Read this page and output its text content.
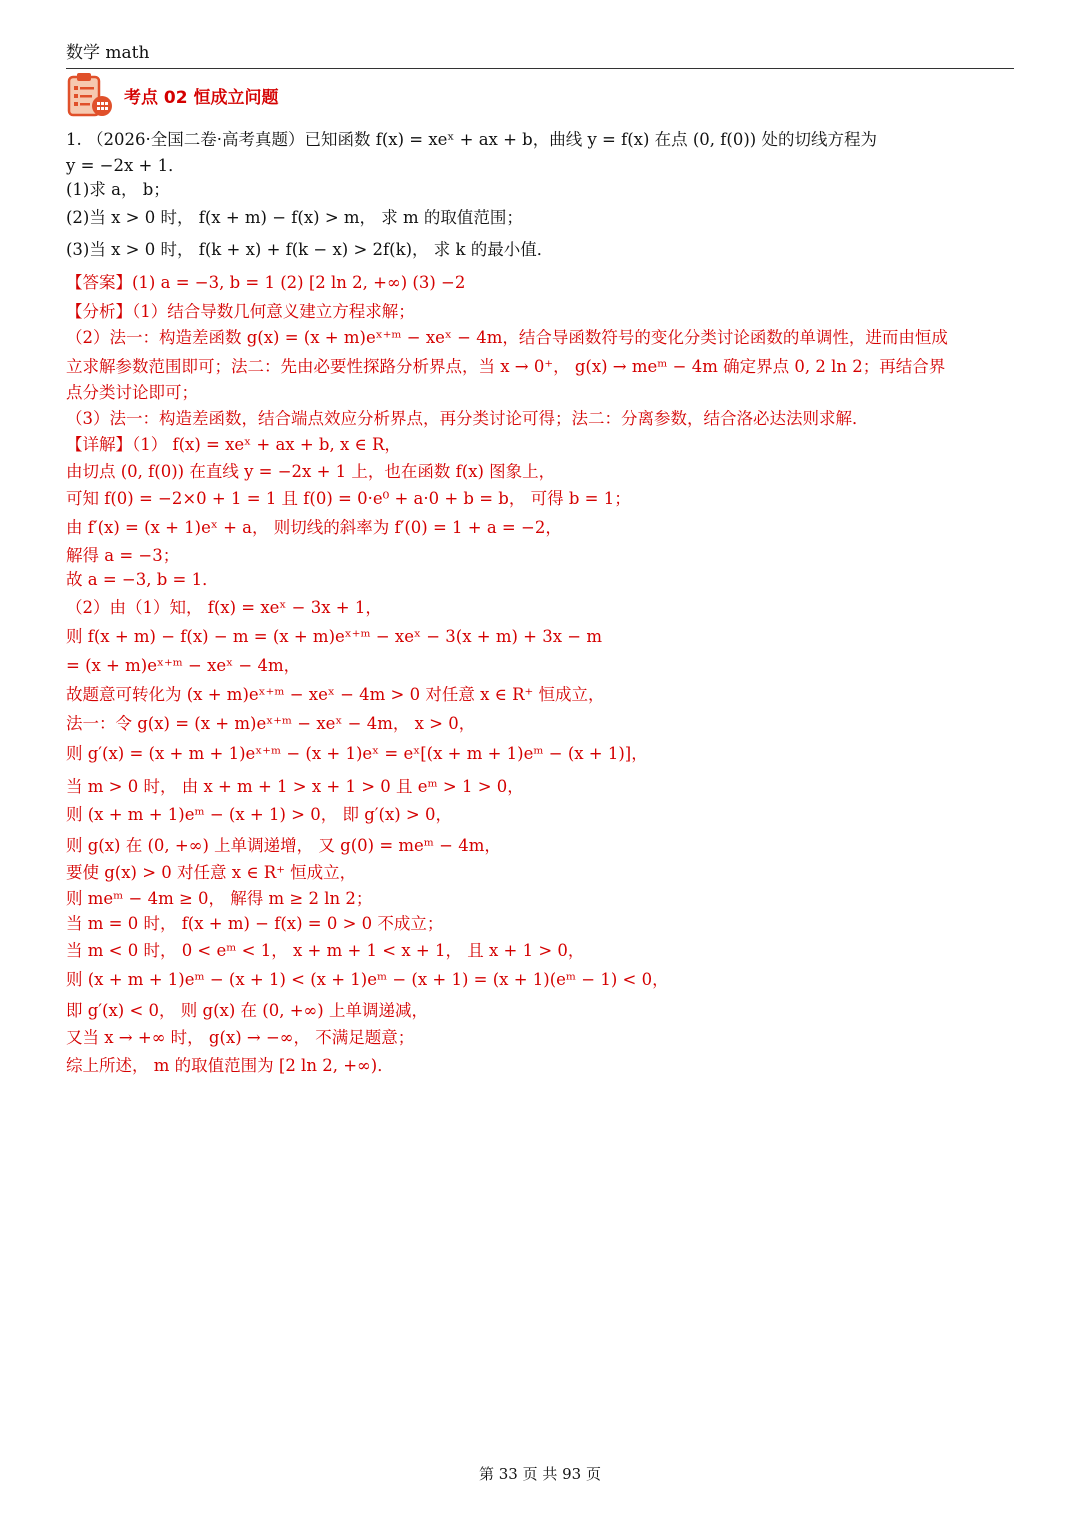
数学 math
考点 02 恒成立问题
1. （2026·全国二卷·高考真题）已知函数 f(x) = xeˣ + ax + b，曲线 y = f(x) 在点 (0, f(0)) 处的切线方程为
y = −2x + 1．
(1)求 a， b；
(2)当 x > 0 时， f(x + m) − f(x) > m， 求 m 的取值范围；
(3)当 x > 0 时， f(k + x) + f(k − x) > 2f(k)， 求 k 的最小值．
【答案】(1) a = −3, b = 1 (2) [2 ln 2, +∞) (3) −2
【分析】（1）结合导数几何意义建立方程求解；
（2）法一：构造差函数 g(x) = (x + m)eˣ⁺ᵐ − xeˣ − 4m，结合导函数符号的变化分类讨论函数的单调性，进而由恒成
立求解参数范围即可；法二：先由必要性探路分析界点，当 x → 0⁺， g(x) → meᵐ − 4m 确定界点 0, 2 ln 2；再结合界
点分类讨论即可；
（3）法一：构造差函数，结合端点效应分析界点，再分类讨论可得；法二：分离参数，结合洛必达法则求解．
【详解】（1） f(x) = xeˣ + ax + b, x ∈ R，
由切点 (0, f(0)) 在直线 y = −2x + 1 上，也在函数 f(x) 图象上，
可知 f(0) = −2×0 + 1 = 1 且 f(0) = 0·e⁰ + a·0 + b = b， 可得 b = 1；
由 f′(x) = (x + 1)eˣ + a， 则切线的斜率为 f′(0) = 1 + a = −2，
解得 a = −3；
故 a = −3, b = 1．
（2）由（1）知， f(x) = xeˣ − 3x + 1，
则 f(x + m) − f(x) − m = (x + m)eˣ⁺ᵐ − xeˣ − 3(x + m) + 3x − m
= (x + m)eˣ⁺ᵐ − xeˣ − 4m，
故题意可转化为 (x + m)eˣ⁺ᵐ − xeˣ − 4m > 0 对任意 x ∈ R⁺ 恒成立，
法一：令 g(x) = (x + m)eˣ⁺ᵐ − xeˣ − 4m， x > 0，
则 g′(x) = (x + m + 1)eˣ⁺ᵐ − (x + 1)eˣ = eˣ[(x + m + 1)eᵐ − (x + 1)]，
当 m > 0 时， 由 x + m + 1 > x + 1 > 0 且 eᵐ > 1 > 0，
则 (x + m + 1)eᵐ − (x + 1) > 0， 即 g′(x) > 0，
则 g(x) 在 (0, +∞) 上单调递增， 又 g(0) = meᵐ − 4m，
要使 g(x) > 0 对任意 x ∈ R⁺ 恒成立，
则 meᵐ − 4m ≥ 0， 解得 m ≥ 2 ln 2；
当 m = 0 时， f(x + m) − f(x) = 0 > 0 不成立；
当 m < 0 时， 0 < eᵐ < 1， x + m + 1 < x + 1， 且 x + 1 > 0，
则 (x + m + 1)eᵐ − (x + 1) < (x + 1)eᵐ − (x + 1) = (x + 1)(eᵐ − 1) < 0，
即 g′(x) < 0， 则 g(x) 在 (0, +∞) 上单调递减，
又当 x → +∞ 时， g(x) → −∞， 不满足题意；
综上所述， m 的取值范围为 [2 ln 2, +∞)．
第 33 页 共 93 页
